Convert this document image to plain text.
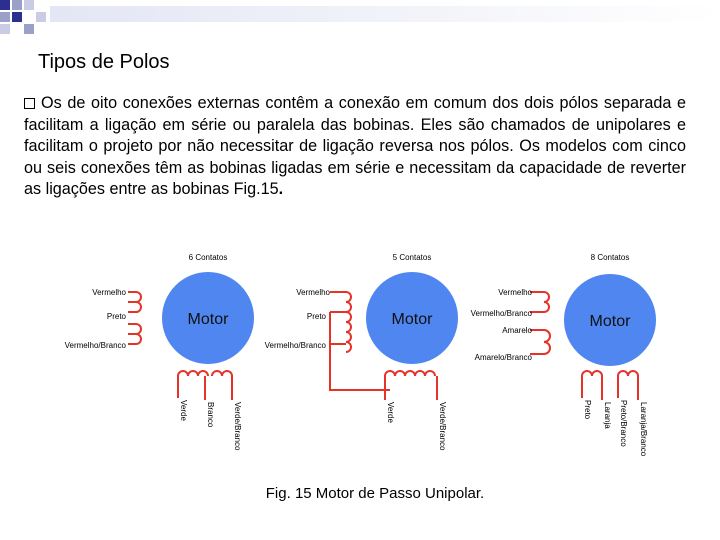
Tipos de Polos
Os de oito conexões externas contêm a conexão em comum dos dois pólos separada e facilitam a ligação em série ou paralela das bobinas. Eles são chamados de unipolares e facilitam o projeto por não necessitar de ligação reversa nos pólos. Os modelos com cinco ou seis conexões têm as bobinas ligadas em série e necessitam da capacidade de reverter as ligações entre as bobinas Fig.15.
Motor
6 Contatos
Vermelho
Preto
Vermelho/Branco
Verde Branco Verde/Branco
Motor
5 Contatos
Vermelho
Preto
Vermelho/Branco
Verde	Verde/Branco
Motor
8 Contatos
Vermelho
Vermelho/Branco
Amarelo
Amarelo/Branco
Preto Laranja Preto/Branco Laranja/Branco
Fig. 15 Motor de Passo Unipolar.
